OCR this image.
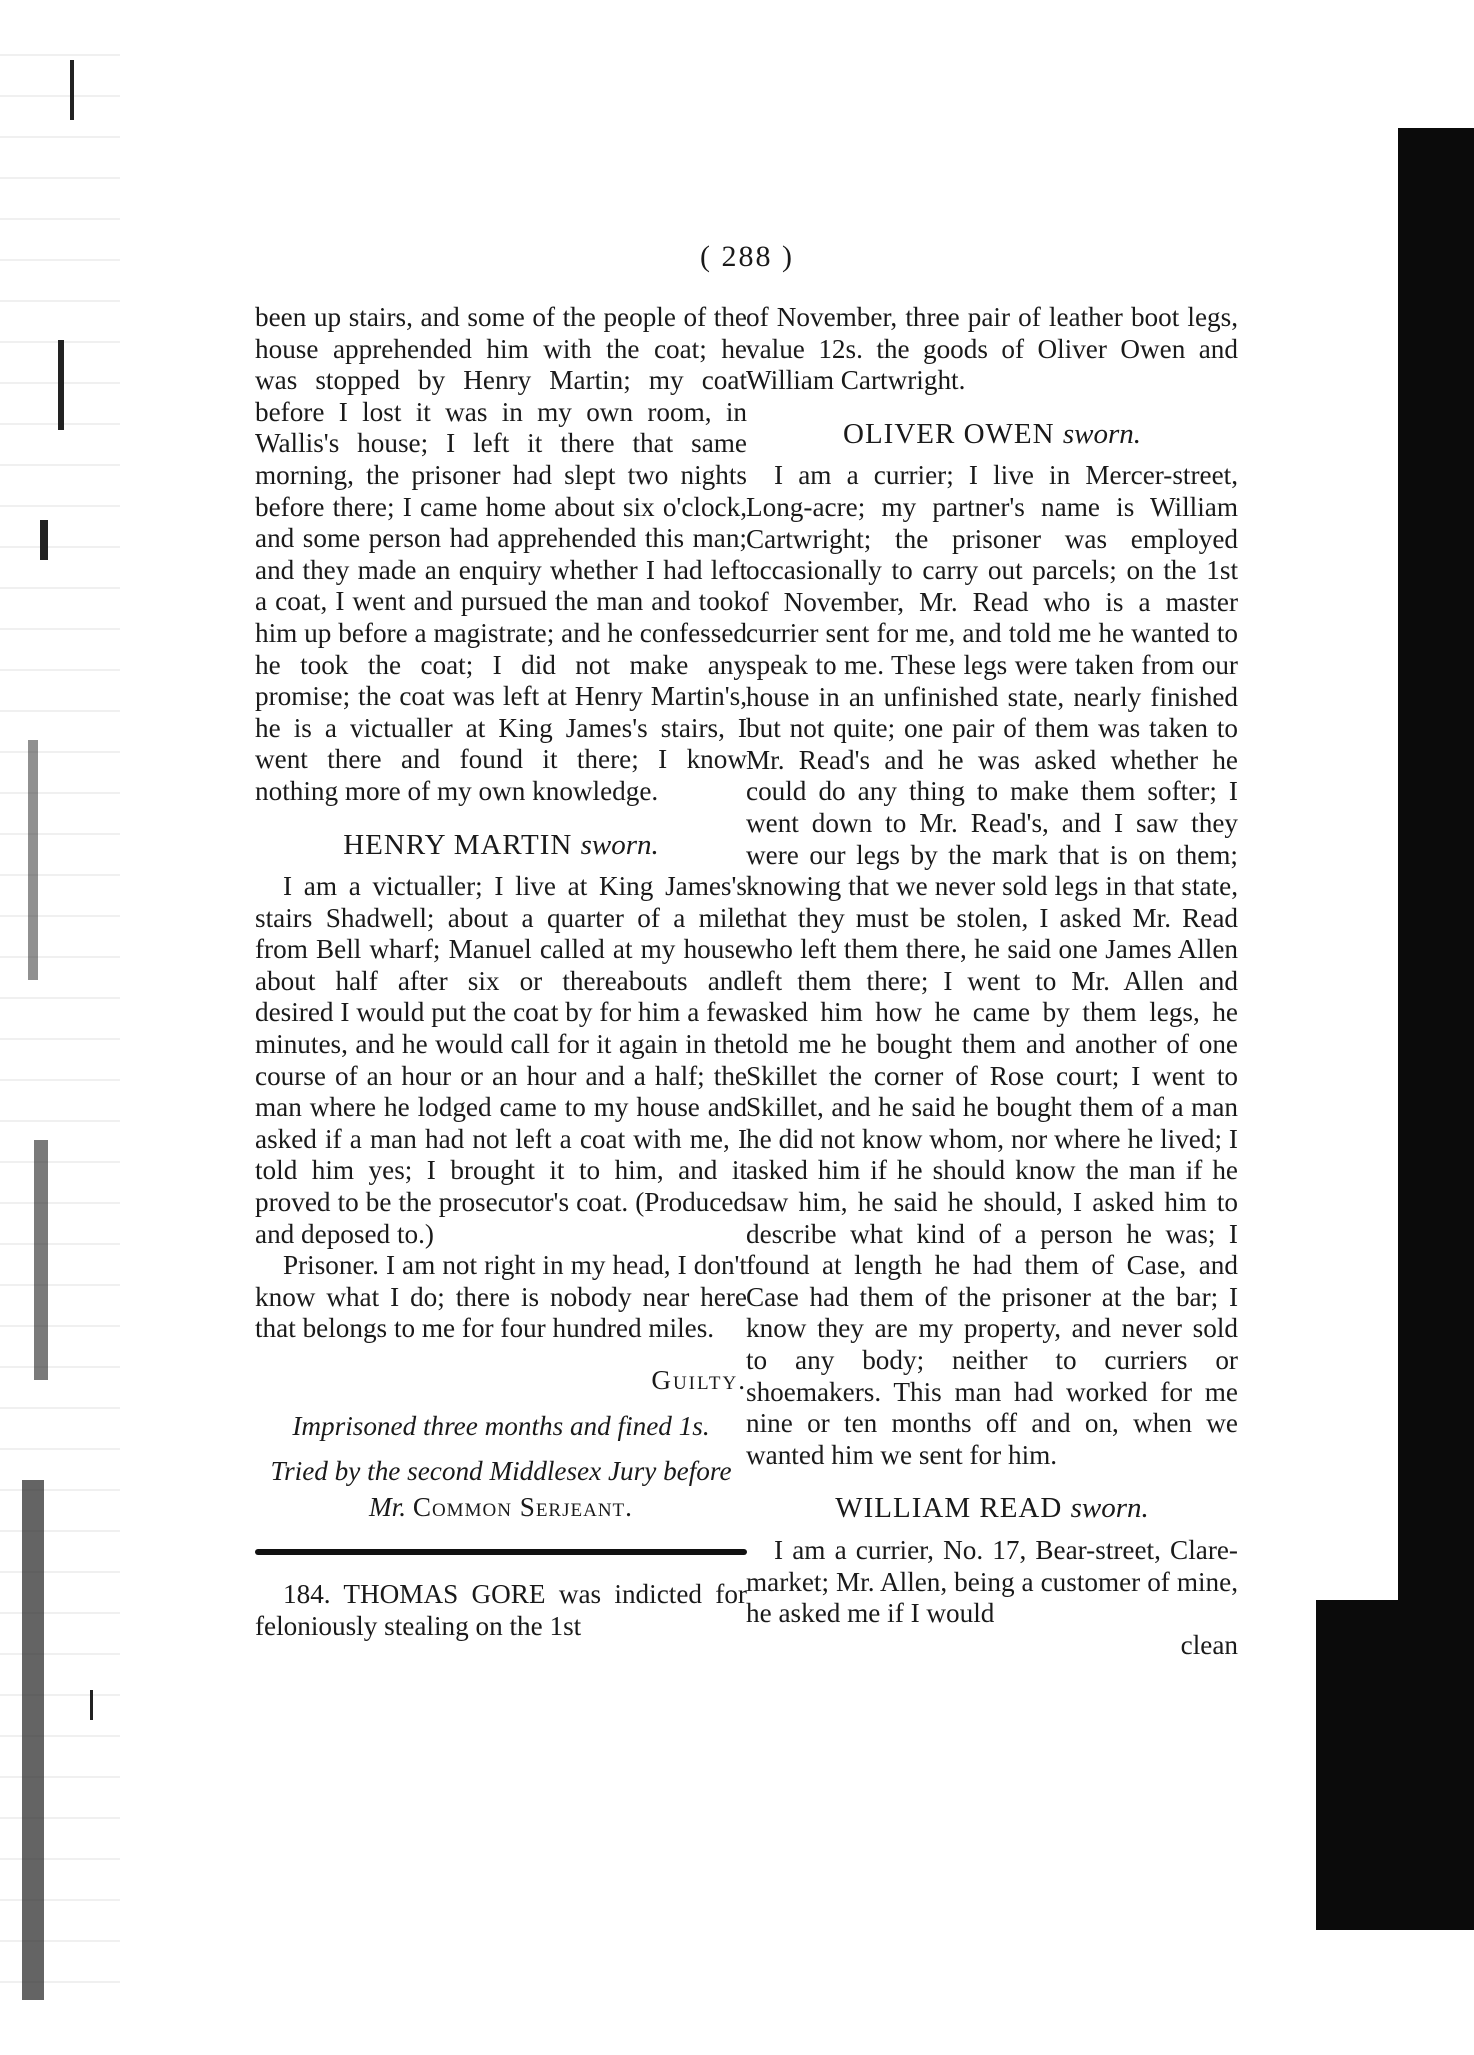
( 288 )

been up stairs, and some of the people of the house apprehended him with the coat; he was stopped by Henry Martin; my coat before I lost it was in my own room, in Wallis's house; I left it there that same morning, the prisoner had slept two nights before there; I came home about six o'clock, and some person had apprehended this man; and they made an enquiry whether I had left a coat, I went and pursued the man and took him up before a magistrate; and he confessed he took the coat; I did not make any promise; the coat was left at Henry Martin's, he is a victualler at King James's stairs, I went there and found it there; I know nothing more of my own knowledge.

HENRY MARTIN sworn.

I am a victualler; I live at King James's stairs Shadwell; about a quarter of a mile from Bell wharf; Manuel called at my house about half after six or thereabouts and desired I would put the coat by for him a few minutes, and he would call for it again in the course of an hour or an hour and a half; the man where he lodged came to my house and asked if a man had not left a coat with me, I told him yes; I brought it to him, and it proved to be the prosecutor's coat. (Produced and deposed to.)

Prisoner. I am not right in my head, I don't know what I do; there is nobody near here that belongs to me for four hundred miles.

Guilty.
Imprisoned three months and fined 1s.
Tried by the second Middlesex Jury before
Mr. Common Serjeant.

184. THOMAS GORE was indicted for feloniously stealing on the 1st

of November, three pair of leather boot legs, value 12s. the goods of Oliver Owen and William Cartwright.

OLIVER OWEN sworn.

I am a currier; I live in Mercer-street, Long-acre; my partner's name is William Cartwright; the prisoner was employed occasionally to carry out parcels; on the 1st of November, Mr. Read who is a master currier sent for me, and told me he wanted to speak to me. These legs were taken from our house in an unfinished state, nearly finished but not quite; one pair of them was taken to Mr. Read's and he was asked whether he could do any thing to make them softer; I went down to Mr. Read's, and I saw they were our legs by the mark that is on them; knowing that we never sold legs in that state, that they must be stolen, I asked Mr. Read who left them there, he said one James Allen left them there; I went to Mr. Allen and asked him how he came by them legs, he told me he bought them and another of one Skillet the corner of Rose court; I went to Skillet, and he said he bought them of a man he did not know whom, nor where he lived; I asked him if he should know the man if he saw him, he said he should, I asked him to describe what kind of a person he was; I found at length he had them of Case, and Case had them of the prisoner at the bar; I know they are my property, and never sold to any body; neither to curriers or shoemakers. This man had worked for me nine or ten months off and on, when we wanted him we sent for him.

WILLIAM READ sworn.

I am a currier, No. 17, Bear-street, Clare-market; Mr. Allen, being a customer of mine, he asked me if I would

clean
